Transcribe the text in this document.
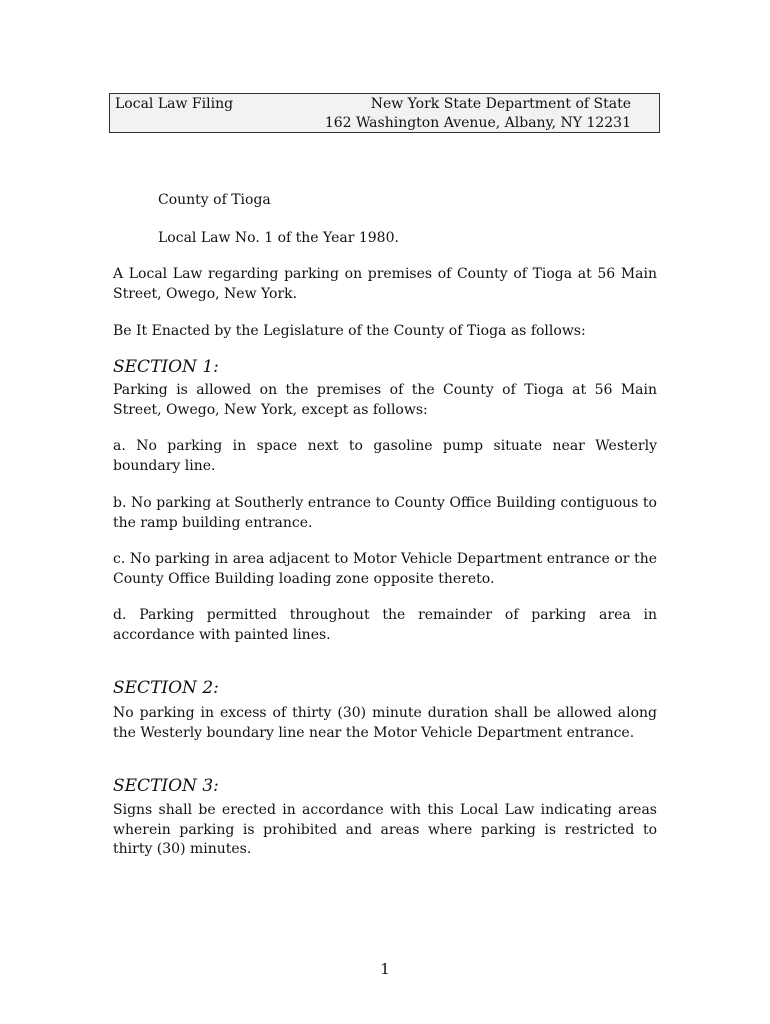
Local Law Filing	New York State Department of State
162 Washington Avenue, Albany, NY 12231
County of Tioga
Local Law No. 1 of the Year 1980.

A Local Law regarding parking on premises of County of Tioga at 56 Main Street, Owego, New York.

Be It Enacted by the Legislature of the County of Tioga as follows:

SECTION 1:

Parking is allowed on the premises of the County of Tioga at 56 Main Street, Owego, New York, except as follows:

a. No parking in space next to gasoline pump situate near Westerly boundary line.

b. No parking at Southerly entrance to County Office Building contiguous to the ramp building entrance.

c. No parking in area adjacent to Motor Vehicle Department entrance or the County Office Building loading zone opposite thereto.

d. Parking permitted throughout the remainder of parking area in accordance with painted lines.

SECTION 2:

No parking in excess of thirty (30) minute duration shall be allowed along the Westerly boundary line near the Motor Vehicle Department entrance.

SECTION 3:

Signs shall be erected in accordance with this Local Law indicating areas wherein parking is prohibited and areas where parking is restricted to thirty (30) minutes.

1
